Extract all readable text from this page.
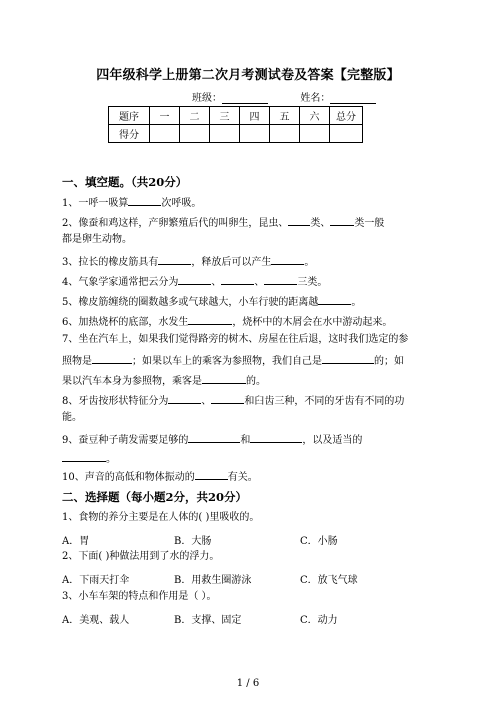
四年级科学上册第二次月考测试卷及答案【完整版】
班级：	姓名：
题序	一	二	三	四	五	六	总分
得分							
一、填空题。（共20分）
1、一呼一吸算	次呼吸。
2、像蚕和鸡这样，产卵繁殖后代的叫卵生，昆虫、 类、 类一般
都是卵生动物。
3、拉长的橡皮筋具有	，释放后可以产生	。
4、气象学家通常把云分为	、	、	三类。
5、橡皮筋缠绕的圈数越多或气球越大，小车行驶的距离越	。
6、加热烧杯的底部，水发生	，烧杯中的木屑会在水中游动起来。
7、坐在汽车上，如果我们觉得路旁的树木、房屋在往后退，这时我们选定的参
照物是	；如果以车上的乘客为参照物，我们自己是	的；如
果以汽车本身为参照物，乘客是	的。
8、牙齿按形状特征分为	、	和臼齿三种，不同的牙齿有不同的功
能。
9、蚕豆种子萌发需要足够的	和	，以及适当的
。
10、声音的高低和物体振动的	有关。
二、选择题（每小题2分，共20分）
1、食物的养分主要是在人体的( )里吸收的。
A．胃	B．大肠	C．小肠
2、下面( )种做法用到了水的浮力。
A．下雨天打伞	B．用救生圈游泳	C．放飞气球
3、小车车架的特点和作用是（ ）。
A．美观、载人	B．支撑、固定	C．动力
1 / 6
